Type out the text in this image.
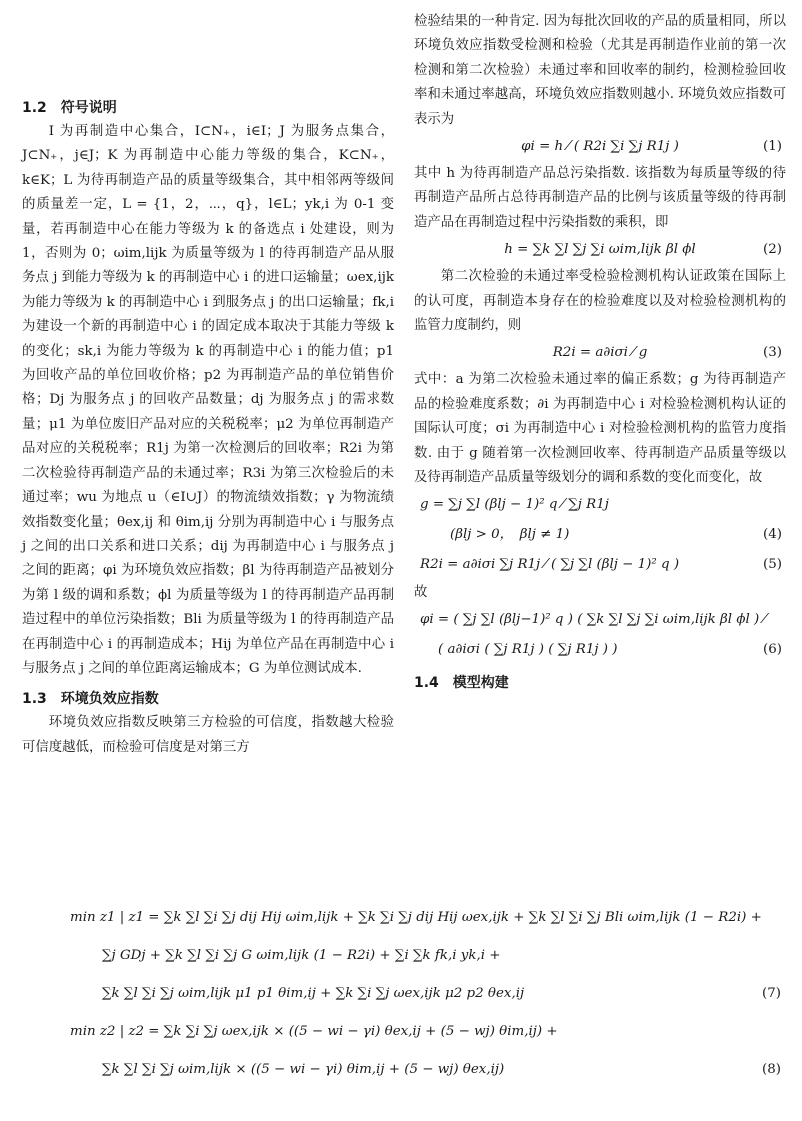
1.2　符号说明

I 为再制造中心集合，I⊂N₊，i∈I；J 为服务点集合，J⊂N₊，j∈J；K 为再制造中心能力等级的集合，K⊂N₊，k∈K；L 为待再制造产品的质量等级集合，其中相邻两等级间的质量差一定，L = {1，2，⋯，q}，l∈L；yk,i 为 0-1 变量，若再制造中心在能力等级为 k 的备选点 i 处建设，则为 1，否则为 0；ωim,lijk 为质量等级为 l 的待再制造产品从服务点 j 到能力等级为 k 的再制造中心 i 的进口运输量；ωex,ijk 为能力等级为 k 的再制造中心 i 到服务点 j 的出口运输量；fk,i 为建设一个新的再制造中心 i 的固定成本取决于其能力等级 k 的变化；sk,i 为能力等级为 k 的再制造中心 i 的能力值；p1 为回收产品的单位回收价格；p2 为再制造产品的单位销售价格；Dj 为服务点 j 的回收产品数量；dj 为服务点 j 的需求数量；μ1 为单位废旧产品对应的关税税率；μ2 为单位再制造产品对应的关税税率；R1j 为第一次检测后的回收率；R2i 为第二次检验待再制造产品的未通过率；R3i 为第三次检验后的未通过率；wu 为地点 u（∈I∪J）的物流绩效指数；γ 为物流绩效指数变化量；θex,ij 和 θim,ij 分别为再制造中心 i 与服务点 j 之间的出口关系和进口关系；dij 为再制造中心 i 与服务点 j 之间的距离；φi 为环境负效应指数；βl 为待再制造产品被划分为第 l 级的调和系数；ϕl 为质量等级为 l 的待再制造产品再制造过程中的单位污染指数；Bli 为质量等级为 l 的待再制造产品在再制造中心 i 的再制造成本；Hij 为单位产品在再制造中心 i 与服务点 j 之间的单位距离运输成本；G 为单位测试成本.

1.3　环境负效应指数

环境负效应指数反映第三方检验的可信度，指数越大检验可信度越低，而检验可信度是对第三方

检验结果的一种肯定. 因为每批次回收的产品的质量相同，所以环境负效应指数受检测和检验（尤其是再制造作业前的第一次检测和第二次检验）未通过率和回收率的制约，检测检验回收率和未通过率越高，环境负效应指数则越小. 环境负效应指数可表示为

φi = h ⁄ ( R2i ∑i ∑j R1j )	(1)

其中 h 为待再制造产品总污染指数. 该指数为每质量等级的待再制造产品所占总待再制造产品的比例与该质量等级的待再制造产品在再制造过程中污染指数的乘积，即

h = ∑k ∑l ∑j ∑i ωim,lijk βl ϕl	(2)

第二次检验的未通过率受检验检测机构认证政策在国际上的认可度，再制造本身存在的检验难度以及对检验检测机构的监管力度制约，则

R2i = a∂iσi ⁄ g	(3)

式中：a 为第二次检验未通过率的偏正系数；g 为待再制造产品的检验难度系数；∂i 为再制造中心 i 对检验检测机构认证的国际认可度；σi 为再制造中心 i 对检验检测机构的监管力度指数. 由于 g 随着第一次检测回收率、待再制造产品质量等级以及待再制造产品质量等级划分的调和系数的变化而变化，故

g = ∑j ∑l (βlj − 1)² q ⁄ ∑j R1j
(βlj > 0，　βlj ≠ 1)	(4)
R2i = a∂iσi ∑j R1j ⁄ ( ∑j ∑l (βlj − 1)² q )	(5)

故

φi = ( ∑j ∑l (βlj−1)² q ) ( ∑k ∑l ∑j ∑i ωim,lijk βl ϕl ) ⁄
( a∂iσi ( ∑j R1j ) ( ∑j R1j ) )	(6)
1.4　模型构建
min z1 | z1 = ∑k ∑l ∑i ∑j dij Hij ωim,lijk + ∑k ∑i ∑j dij Hij ωex,ijk + ∑k ∑l ∑i ∑j Bli ωim,lijk (1 − R2i) +
∑j GDj + ∑k ∑l ∑i ∑j G ωim,lijk (1 − R2i) + ∑i ∑k fk,i yk,i +
∑k ∑l ∑i ∑j ωim,lijk μ1 p1 θim,ij + ∑k ∑i ∑j ωex,ijk μ2 p2 θex,ij	(7)
min z2 | z2 = ∑k ∑i ∑j ωex,ijk × ((5 − wi − γi) θex,ij + (5 − wj) θim,ij) +
∑k ∑l ∑i ∑j ωim,lijk × ((5 − wi − γi) θim,ij + (5 − wj) θex,ij)	(8)
